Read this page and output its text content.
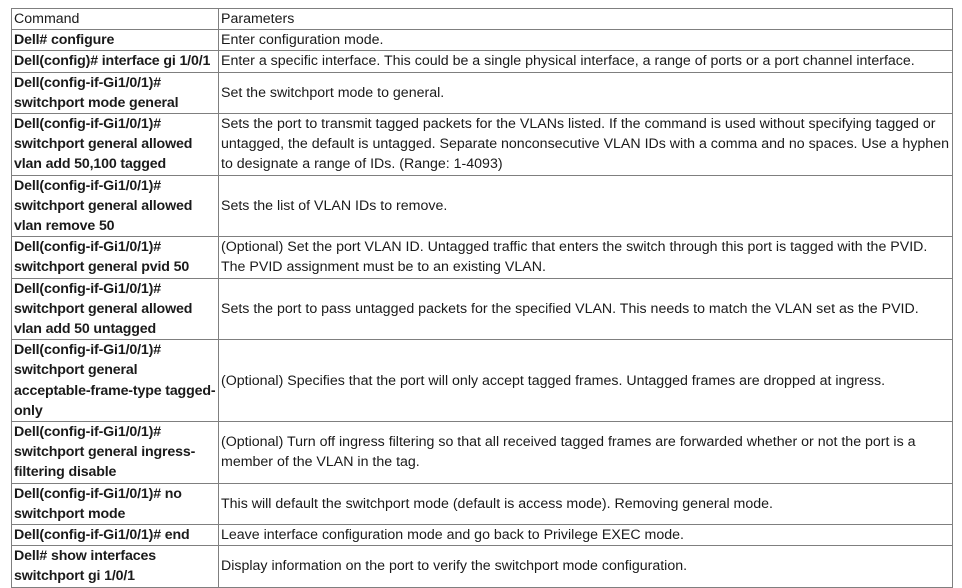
Command	Parameters
Dell# configure	Enter configuration mode.
Dell(config)# interface gi 1/0/1	Enter a specific interface. This could be a single physical interface, a range of ports or a port channel interface.
Dell(config-if-Gi1/0/1)# switchport mode general	Set the switchport mode to general.
Dell(config-if-Gi1/0/1)# switchport general allowed vlan add 50,100 tagged	Sets the port to transmit tagged packets for the VLANs listed. If the command is used without specifying tagged or untagged, the default is untagged. Separate nonconsecutive VLAN IDs with a comma and no spaces. Use a hyphen to designate a range of IDs. (Range: 1-4093)
Dell(config-if-Gi1/0/1)# switchport general allowed vlan remove 50	Sets the list of VLAN IDs to remove.
Dell(config-if-Gi1/0/1)# switchport general pvid 50	(Optional) Set the port VLAN ID. Untagged traffic that enters the switch through this port is tagged with the PVID. The PVID assignment must be to an existing VLAN.
Dell(config-if-Gi1/0/1)# switchport general allowed vlan add 50 untagged	Sets the port to pass untagged packets for the specified VLAN. This needs to match the VLAN set as the PVID.
Dell(config-if-Gi1/0/1)# switchport general acceptable-frame-type tagged-only	(Optional) Specifies that the port will only accept tagged frames. Untagged frames are dropped at ingress.
Dell(config-if-Gi1/0/1)# switchport general ingress-filtering disable	(Optional) Turn off ingress filtering so that all received tagged frames are forwarded whether or not the port is a member of the VLAN in the tag.
Dell(config-if-Gi1/0/1)# no switchport mode	This will default the switchport mode (default is access mode). Removing general mode.
Dell(config-if-Gi1/0/1)# end	Leave interface configuration mode and go back to Privilege EXEC mode.
Dell# show interfaces switchport gi 1/0/1	Display information on the port to verify the switchport mode configuration.
